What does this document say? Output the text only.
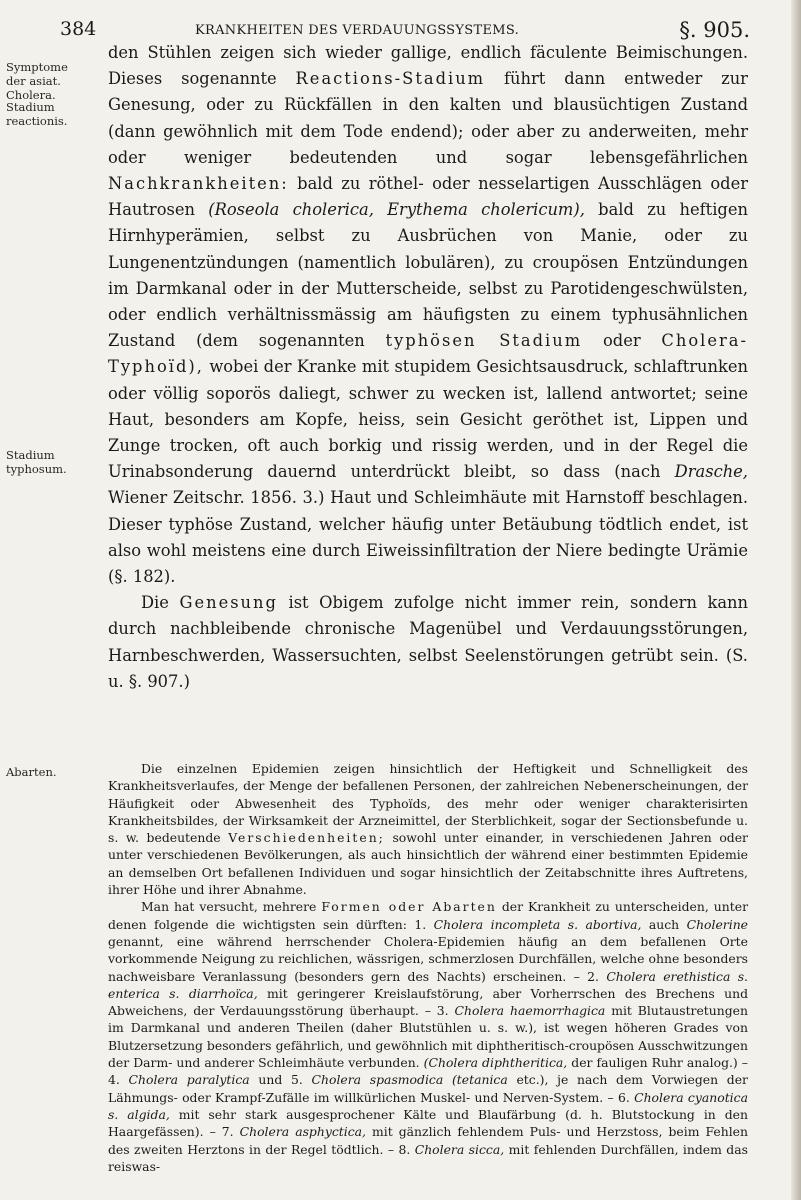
384	KRANKHEITEN DES VERDAUUNGSSYSTEMS.	§. 905.
Symptome der asiat. Cholera.
Stadium reactionis.
Stadium typhosum.
Abarten.

den Stühlen zeigen sich wieder gallige, endlich fäculente Beimischungen. Dieses sogenannte Reactions-Stadium führt dann entweder zur Genesung, oder zu Rückfällen in den kalten und blausüchtigen Zustand (dann gewöhnlich mit dem Tode endend); oder aber zu anderweiten, mehr oder weniger bedeutenden und sogar lebensgefährlichen Nachkrankheiten: bald zu röthel- oder nesselartigen Ausschlägen oder Hautrosen (Roseola cholerica, Erythema cholericum), bald zu heftigen Hirnhyperämien, selbst zu Ausbrüchen von Manie, oder zu Lungenentzündungen (namentlich lobulären), zu croupösen Entzündungen im Darmkanal oder in der Mutterscheide, selbst zu Parotidengeschwülsten, oder endlich verhältnissmässig am häufigsten zu einem typhusähnlichen Zustand (dem sogenannten typhösen Stadium oder Cholera-Typhoïd), wobei der Kranke mit stupidem Gesichtsausdruck, schlaftrunken oder völlig soporös daliegt, schwer zu wecken ist, lallend antwortet; seine Haut, besonders am Kopfe, heiss, sein Gesicht geröthet ist, Lippen und Zunge trocken, oft auch borkig und rissig werden, und in der Regel die Urinabsonderung dauernd unterdrückt bleibt, so dass (nach Drasche, Wiener Zeitschr. 1856. 3.) Haut und Schleimhäute mit Harnstoff beschlagen. Dieser typhöse Zustand, welcher häufig unter Betäubung tödtlich endet, ist also wohl meistens eine durch Eiweissinfiltration der Niere bedingte Urämie (§. 182).

Die Genesung ist Obigem zufolge nicht immer rein, sondern kann durch nachbleibende chronische Magenübel und Verdauungsstörungen, Harnbeschwerden, Wassersuchten, selbst Seelenstörungen getrübt sein. (S. u. §. 907.)

Die einzelnen Epidemien zeigen hinsichtlich der Heftigkeit und Schnelligkeit des Krankheitsverlaufes, der Menge der befallenen Personen, der zahlreichen Nebenerscheinungen, der Häufigkeit oder Abwesenheit des Typhoïds, des mehr oder weniger charakterisirten Krankheitsbildes, der Wirksamkeit der Arzneimittel, der Sterblichkeit, sogar der Sectionsbefunde u. s. w. bedeutende Verschiedenheiten; sowohl unter einander, in verschiedenen Jahren oder unter verschiedenen Bevölkerungen, als auch hinsichtlich der während einer bestimmten Epidemie an demselben Ort befallenen Individuen und sogar hinsichtlich der Zeitabschnitte ihres Auftretens, ihrer Höhe und ihrer Abnahme.

Man hat versucht, mehrere Formen oder Abarten der Krankheit zu unterscheiden, unter denen folgende die wichtigsten sein dürften: 1. Cholera incompleta s. abortiva, auch Cholerine genannt, eine während herrschender Cholera-Epidemien häufig an dem befallenen Orte vorkommende Neigung zu reichlichen, wässrigen, schmerzlosen Durchfällen, welche ohne besonders nachweisbare Veranlassung (besonders gern des Nachts) erscheinen. – 2. Cholera erethistica s. enterica s. diarrhoïca, mit geringerer Kreislaufstörung, aber Vorherrschen des Brechens und Abweichens, der Verdauungsstörung überhaupt. – 3. Cholera haemorrhagica mit Blutaustretungen im Darmkanal und anderen Theilen (daher Blutstühlen u. s. w.), ist wegen höheren Grades von Blutzersetzung besonders gefährlich, und gewöhnlich mit diphtheritisch-croupösen Ausschwitzungen der Darm- und anderer Schleimhäute verbunden. (Cholera diphtheritica, der fauligen Ruhr analog.) – 4. Cholera paralytica und 5. Cholera spasmodica (tetanica etc.), je nach dem Vorwiegen der Lähmungs- oder Krampf-Zufälle im willkürlichen Muskel- und Nerven-System. – 6. Cholera cyanotica s. algida, mit sehr stark ausgesprochener Kälte und Blaufärbung (d. h. Blutstockung in den Haargefässen). – 7. Cholera asphyctica, mit gänzlich fehlendem Puls- und Herzstoss, beim Fehlen des zweiten Herztons in der Regel tödtlich. – 8. Cholera sicca, mit fehlenden Durchfällen, indem das reiswas-
